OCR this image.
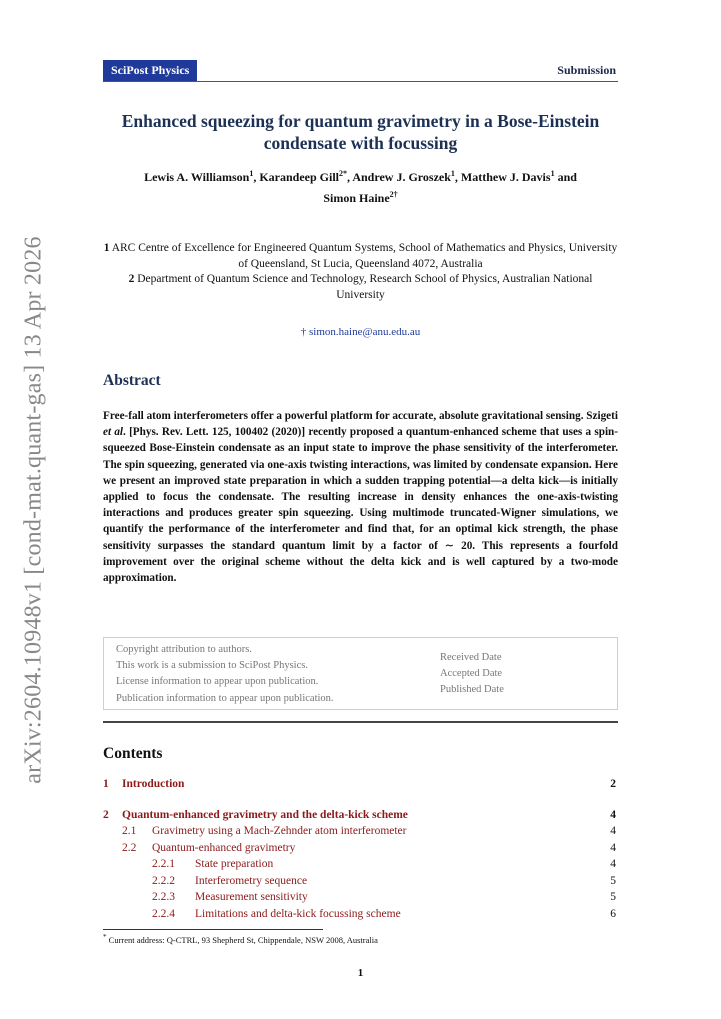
arXiv:2604.10948v1 [cond-mat.quant-gas] 13 Apr 2026
SciPost Physics	Submission
Enhanced squeezing for quantum gravimetry in a Bose-Einstein condensate with focussing
Lewis A. Williamson$^1$, Karandeep Gill$^{2*}$, Andrew J. Groszek$^1$, Matthew J. Davis$^1$ and
Simon Haine$^{2\dagger}$
1 ARC Centre of Excellence for Engineered Quantum Systems, School of Mathematics and Physics, University of Queensland, St Lucia, Queensland 4072, Australia
2 Department of Quantum Science and Technology, Research School of Physics, Australian National University
† simon.haine@anu.edu.au
Abstract
Free-fall atom interferometers offer a powerful platform for accurate, absolute gravitational sensing. Szigeti et al. [Phys. Rev. Lett. 125, 100402 (2020)] recently proposed a quantum-enhanced scheme that uses a spin-squeezed Bose-Einstein condensate as an input state to improve the phase sensitivity of the interferometer. The spin squeezing, generated via one-axis twisting interactions, was limited by condensate expansion. Here we present an improved state preparation in which a sudden trapping potential—a delta kick—is initially applied to focus the condensate. The resulting increase in density enhances the one-axis-twisting interactions and produces greater spin squeezing. Using multimode truncated-Wigner simulations, we quantify the performance of the interferometer and find that, for an optimal kick strength, the phase sensitivity surpasses the standard quantum limit by a factor of ∼ 20. This represents a fourfold improvement over the original scheme without the delta kick and is well captured by a two-mode approximation.
Copyright attribution to authors.
This work is a submission to SciPost Physics.
License information to appear upon publication.
Publication information to appear upon publication.
Received Date
Accepted Date
Published Date
Contents
1 Introduction	2
2 Quantum-enhanced gravimetry and the delta-kick scheme	4
2.1 Gravimetry using a Mach-Zehnder atom interferometer	4
2.2 Quantum-enhanced gravimetry	4
2.2.1 State preparation	4
2.2.2 Interferometry sequence	5
2.2.3 Measurement sensitivity	5
2.2.4 Limitations and delta-kick focussing scheme	6
* Current address: Q-CTRL, 93 Shepherd St, Chippendale, NSW 2008, Australia
1
